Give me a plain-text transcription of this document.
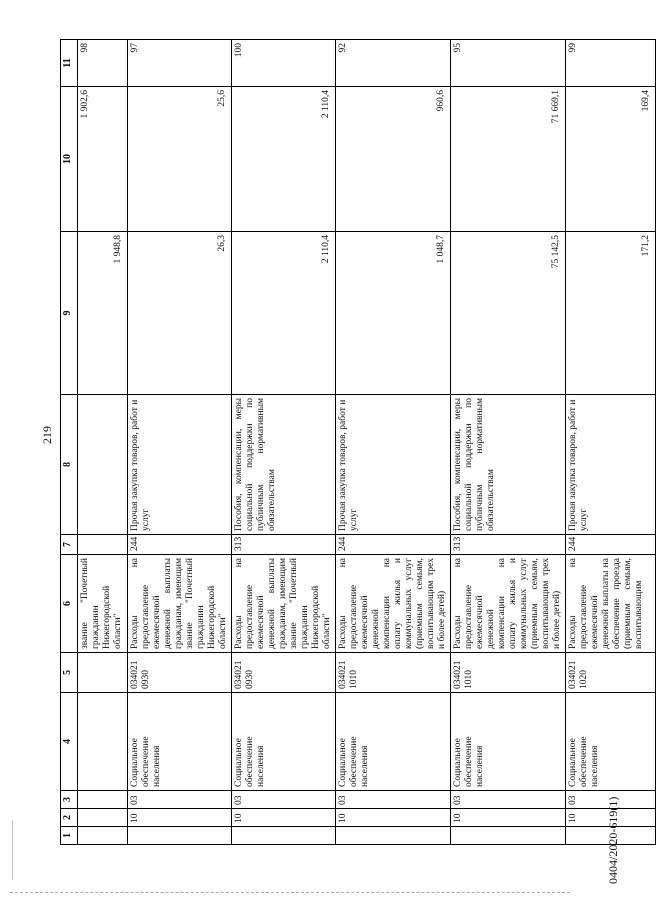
219
0404/2020-619(1)
1	2	3	4	5	6	7	8	9	10	11
					звание "Почетный гражданин Нижегородской области"			1 948,8	1 902,6	98
	10	03	Социальное обеспечение населения	034021 0930	Расходы на предоставление ежемесячной денежной выплаты гражданам, имеющим звание "Почетный гражданин Нижегородской области"	244	Прочая закупка товаров, работ и услуг	26,3	25,6	97
	10	03	Социальное обеспечение населения	034021 0930	Расходы на предоставление ежемесячной денежной выплаты гражданам, имеющим звание "Почетный гражданин Нижегородской области"	313	Пособия, компенсации, меры социальной поддержки по публичным нормативным обязательствам	2 110,4	2 110,4	100
	10	03	Социальное обеспечение населения	034021 1010	Расходы на предоставление ежемесячной денежной компенсации на оплату жилья и коммунальных услуг (приемным семьям, воспитывающим трех и более детей)	244	Прочая закупка товаров, работ и услуг	1 048,7	960,6	92
	10	03	Социальное обеспечение населения	034021 1010	Расходы на предоставление ежемесячной денежной компенсации на оплату жилья и коммунальных услуг (приемным семьям, воспитывающим трех и более детей)	313	Пособия, компенсации, меры социальной поддержки по публичным нормативным обязательствам	75 142,5	71 669,1	95
	10	03	Социальное обеспечение населения	034021 1020	Расходы на предоставление ежемесячной денежной выплаты на обеспечение проезда (приемным семьям, воспитывающим	244	Прочая закупка товаров, работ и услуг	171,2	169,4	99
